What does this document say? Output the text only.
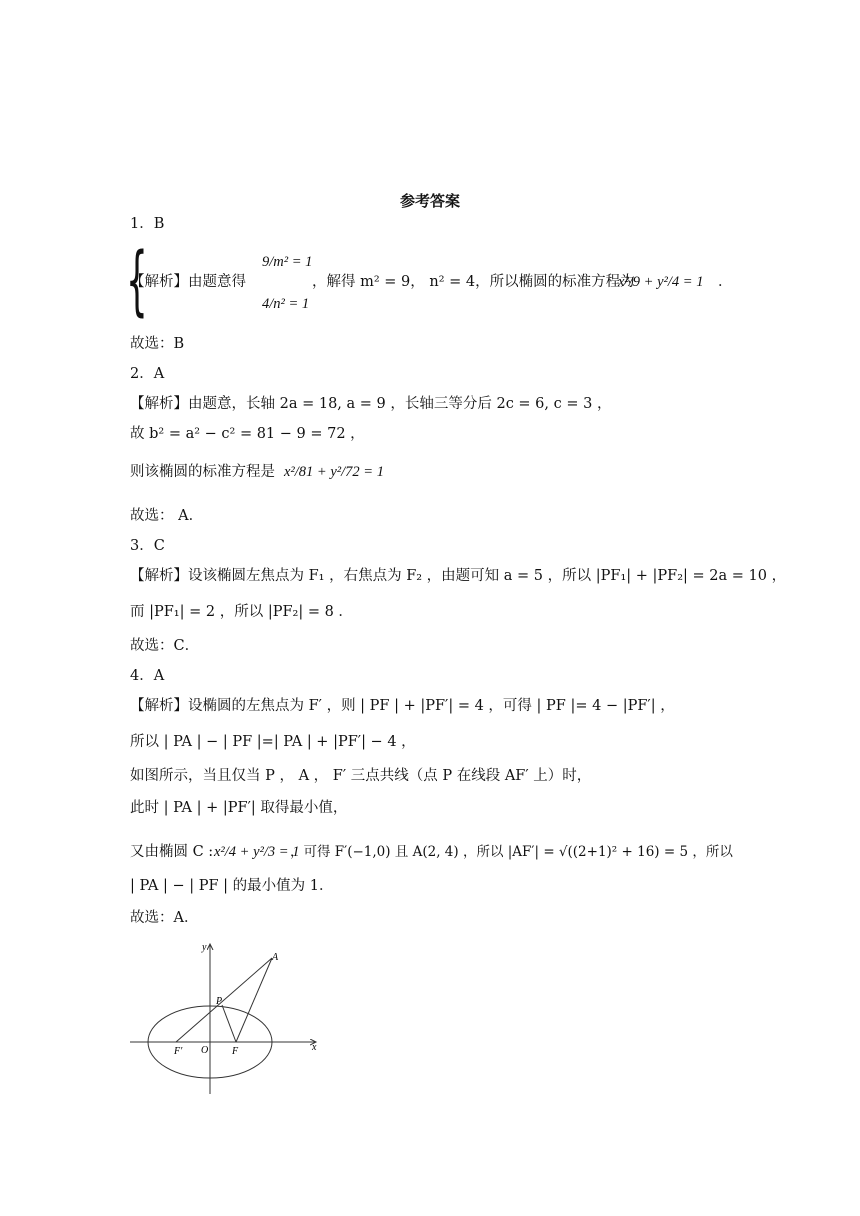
参考答案
1．B
【解析】由题意得
{	9/m² = 1
4/n² = 1
，解得 m² = 9， n² = 4，所以椭圆的标准方程为
x²/9 + y²/4 = 1 ．
故选：B
2．A
【解析】由题意，长轴 2a = 18, a = 9 ，长轴三等分后 2c = 6, c = 3 ，
故 b² = a² − c² = 81 − 9 = 72 ，
则该椭圆的标准方程是 x²/81 + y²/72 = 1
故选： A．
3．C
【解析】设该椭圆左焦点为 F₁ ，右焦点为 F₂ ，由题可知 a = 5 ，所以 |PF₁| + |PF₂| = 2a = 10 ，
而 |PF₁| = 2 ，所以 |PF₂| = 8 ．
故选：C．
4．A
【解析】设椭圆的左焦点为 F′ ，则 | PF | + |PF′| = 4 ，可得 | PF |= 4 − |PF′| ，
所以 | PA | − | PF |=| PA | + |PF′| − 4 ，
如图所示，当且仅当 P ， A ， F′ 三点共线（点 P 在线段 AF′ 上）时，
此时 | PA | + |PF′| 取得最小值，
又由椭圆 C : x²/4 + y²/3 = 1
，可得 F′(−1,0) 且 A(2, 4) ，所以 |AF′| = √((2+1)² + 16) = 5 ，所以
| PA | − | PF | 的最小值为 1．
故选：A．
y
x
A
P
F
F′ O
